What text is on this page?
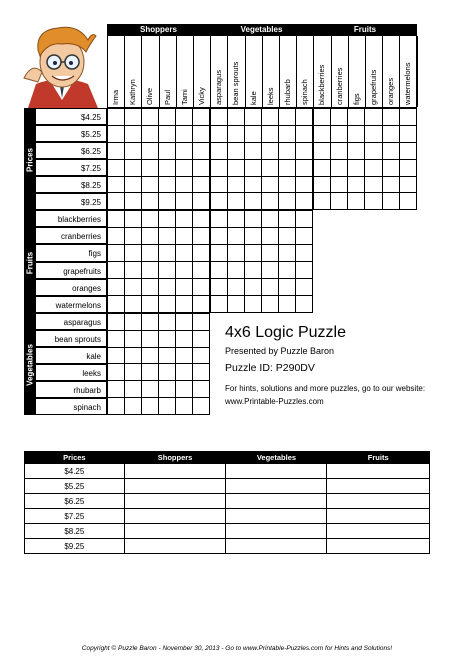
Shoppers	Vegetables	Fruits
Irma Kathryn Olive Paul Tami Vicky asparagus bean sprouts kale leeks rhubarb spinach blackberries cranberries figs grapefruits oranges watermelons
Prices
Fruits
Vegetables
$4.25
$5.25
$6.25
$7.25
$8.25
$9.25
blackberries
cranberries
figs
grapefruits
oranges
watermelons
asparagus
bean sprouts
kale
leeks
rhubarb
spinach

4x6 Logic Puzzle
Presented by Puzzle Baron
Puzzle ID: P290DV
For hints, solutions and more puzzles, go to our website:
www.Printable-Puzzles.com
Prices	Shoppers	Vegetables	Fruits
$4.25			
$5.25			
$6.25			
$7.25			
$8.25			
$9.25			
Copyright © Puzzle Baron - November 30, 2013 - Go to www.Printable-Puzzles.com for Hints and Solutions!
